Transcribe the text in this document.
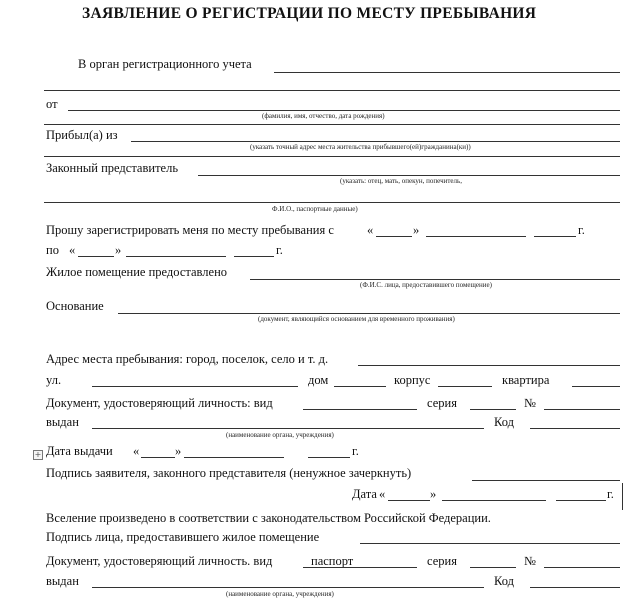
ЗАЯВЛЕНИЕ О РЕГИСТРАЦИИ ПО МЕСТУ ПРЕБЫВАНИЯ
В орган регистрационного учета
от
(фамилия, имя, отчество, дата рождения)
Прибыл(а) из
(указать точный адрес места жительства прибывшего(ей)гражданина(ки))
Законный представитель
(указать: отец, мать, опекун, попечитель,
Ф.И.О., паспортные данные)
Прошу зарегистрировать меня по месту пребывания с	«	»	г.
по «	»	г.
Жилое помещение предоставлено
(Ф.И.С. лица, предоставившего помещение)
Основание
(документ, являющийся основанием для временного проживания)
Адрес места пребывания: город, поселок, село и т. д.
ул.	дом	корпус	квартира
Документ, удостоверяющий личность: вид	серия	№
выдан	Код
(наименование органа, учреждения)
+ Дата выдачи «	»	г.
Подпись заявителя, законного представителя (ненужное зачеркнуть)
Дата «	»	г.
Вселение произведено в соответствии с законодательством Российской Федерации.
Подпись лица, предоставившего жилое помещение
Документ, удостоверяющий личность. вид	паспорт	серия	№
выдан	Код
(наименование органа, учреждения)
